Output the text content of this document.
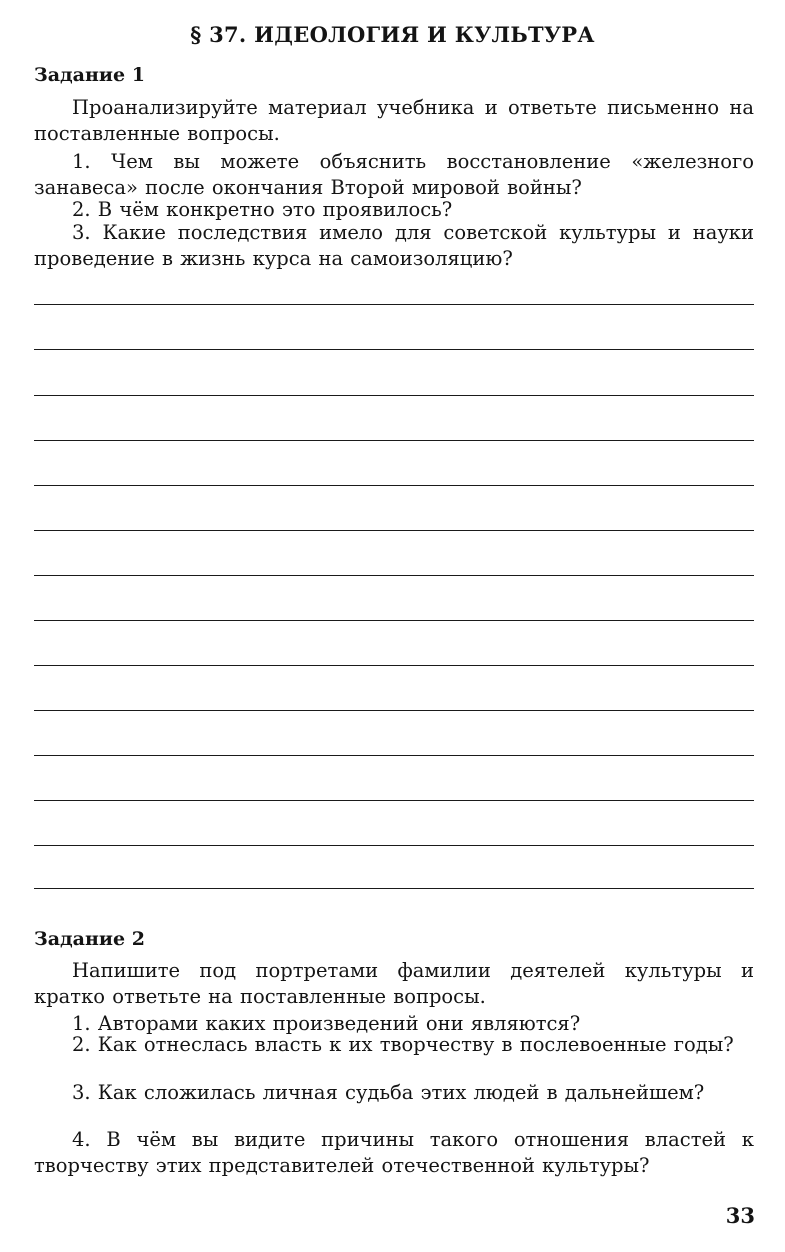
§ 37. ИДЕОЛОГИЯ И КУЛЬТУРА
Задание 1
Проанализируйте материал учебника и ответьте письменно на поставленные вопросы.
1. Чем вы можете объяснить восстановление «железного занавеса» после окончания Второй мировой войны?
2. В чём конкретно это проявилось?
3. Какие последствия имело для советской культуры и науки проведение в жизнь курса на самоизоляцию?
Задание 2
Напишите под портретами фамилии деятелей культуры и кратко ответьте на поставленные вопросы.
1. Авторами каких произведений они являются?
2. Как отнеслась власть к их творчеству в послевоенные годы?
3. Как сложилась личная судьба этих людей в дальнейшем?
4. В чём вы видите причины такого отношения властей к творчеству этих представителей отечественной культуры?
33
